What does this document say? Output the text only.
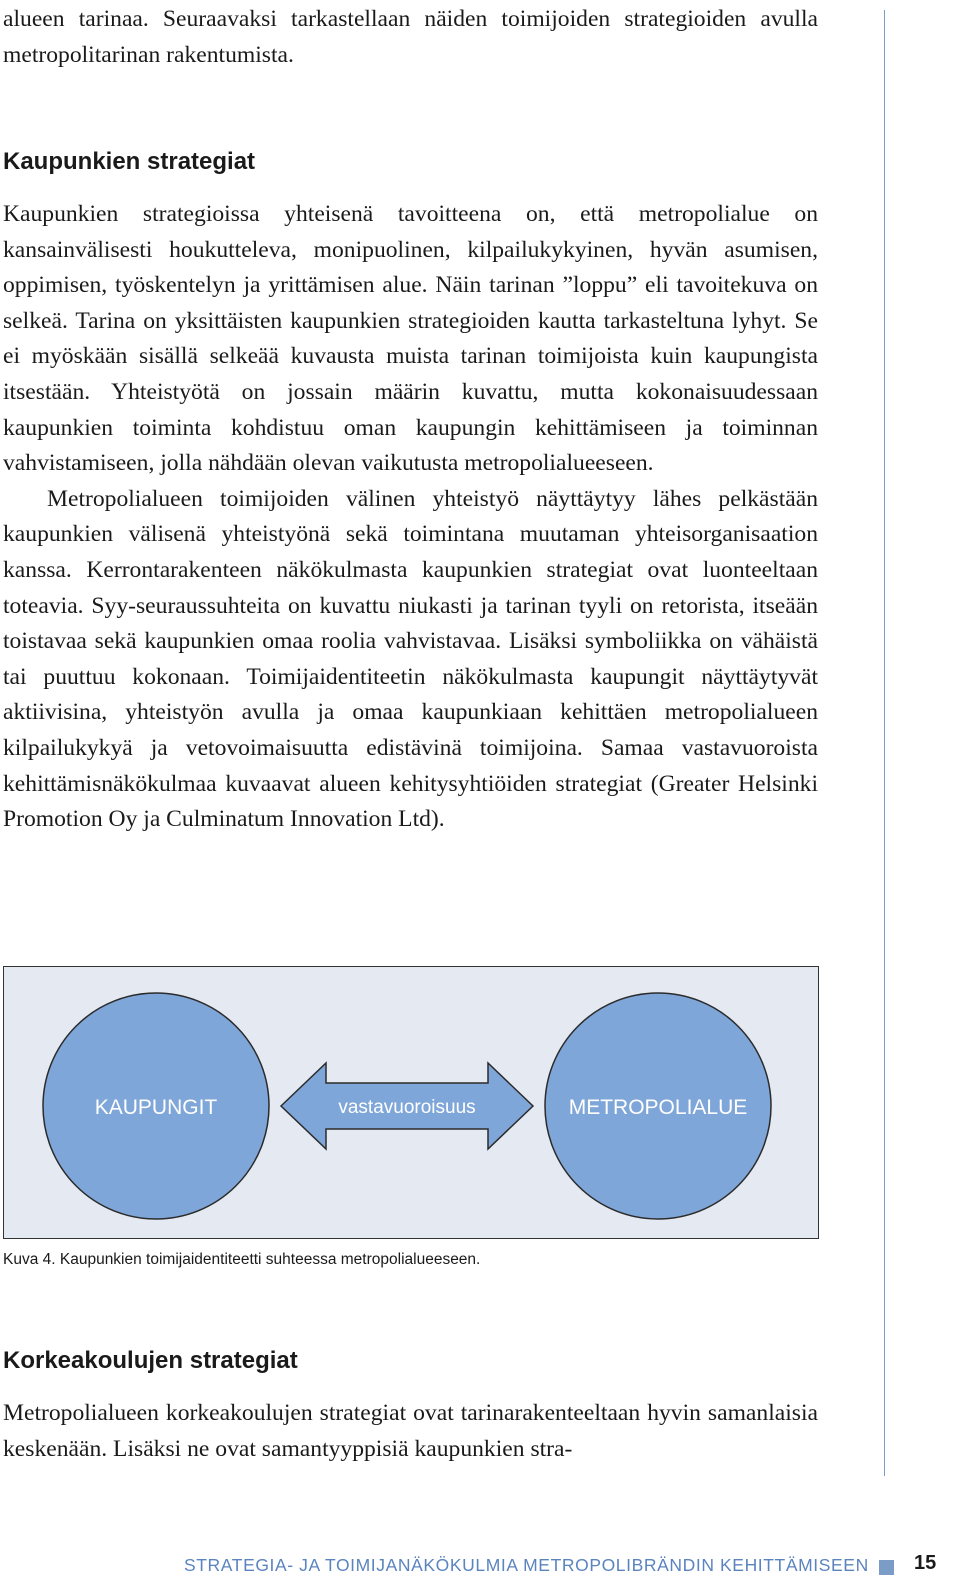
alueen tarinaa. Seuraavaksi tarkastellaan näiden toimijoiden strategioiden avulla metropolitarinan rakentumista.

Kaupunkien strategiat

Kaupunkien strategioissa yhteisenä tavoitteena on, että metropolialue on kansainvälisesti houkutteleva, monipuolinen, kilpailukykyinen, hyvän asumisen, oppimisen, työskentelyn ja yrittämisen alue. Näin tarinan ”loppu” eli tavoitekuva on selkeä. Tarina on yksittäisten kaupunkien strategioiden kautta tarkasteltuna lyhyt. Se ei myöskään sisällä selkeää kuvausta muista tarinan toimijoista kuin kaupungista itsestään. Yhteistyötä on jossain määrin kuvattu, mutta kokonaisuudessaan kaupunkien toiminta kohdistuu oman kaupungin kehittämiseen ja toiminnan vahvistamiseen, jolla nähdään olevan vaikutusta metropolialueeseen.

Metropolialueen toimijoiden välinen yhteistyö näyttäytyy lähes pelkästään kaupunkien välisenä yhteistyönä sekä toimintana muutaman yhteisorganisaation kanssa. Kerrontarakenteen näkökulmasta kaupunkien strategiat ovat luonteeltaan toteavia. Syy-seuraussuhteita on kuvattu niukasti ja tarinan tyyli on retorista, itseään toistavaa sekä kaupunkien omaa roolia vahvistavaa. Lisäksi symboliikka on vähäistä tai puuttuu kokonaan. Toimijaidentiteetin näkökulmasta kaupungit näyttäytyvät aktiivisina, yhteistyön avulla ja omaa kaupunkiaan kehittäen metropolialueen kilpailukykyä ja vetovoimaisuutta edistävinä toimijoina. Samaa vastavuoroista kehittämisnäkökulmaa kuvaavat alueen kehitysyhtiöiden strategiat (Greater Helsinki Promotion Oy ja Culminatum Innovation Ltd).

KAUPUNGIT	vastavuoroisuus	METROPOLIALUE
Kuva 4. Kaupunkien toimijaidentiteetti suhteessa metropolialueeseen.
Korkeakoulujen strategiat

Metropolialueen korkeakoulujen strategiat ovat tarinarakenteeltaan hyvin samanlaisia keskenään. Lisäksi ne ovat samantyyppisiä kaupunkien stra-

STRATEGIA- JA TOIMIJANÄKÖKULMIA METROPOLIBRÄNDIN KEHITTÄMISEEN 15
